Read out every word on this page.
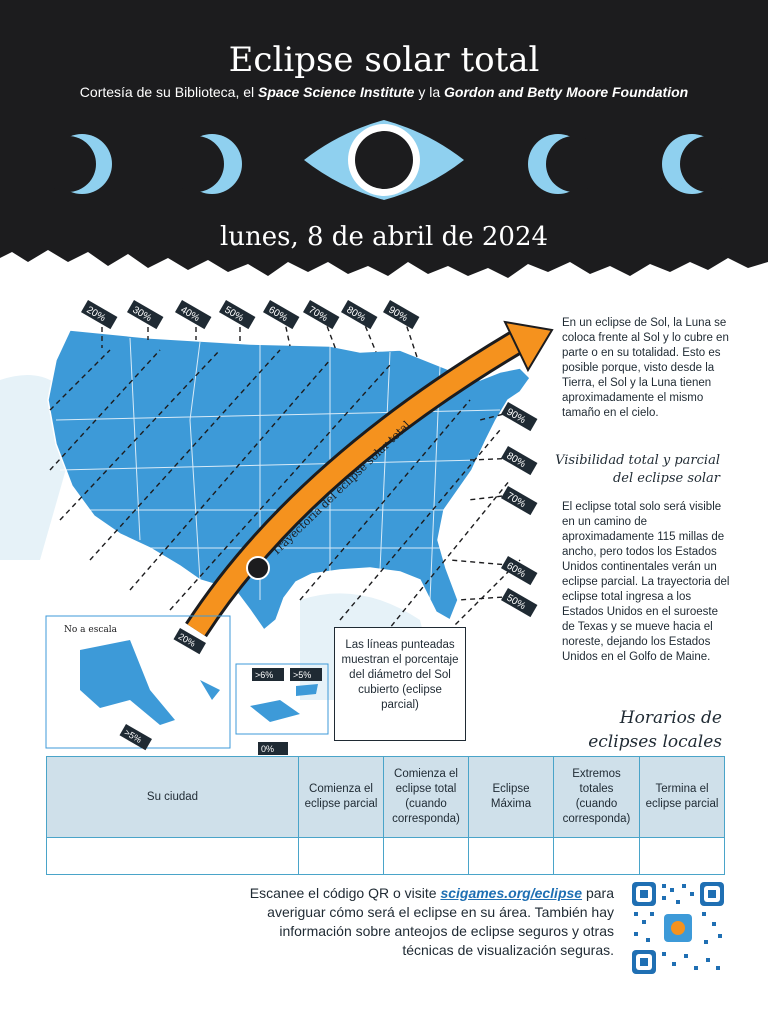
Eclipse solar total
Cortesía de su Biblioteca, el Space Science Institute y la Gordon and Betty Moore Foundation
lunes, 8 de abril de 2024
Trayectoria del eclipse solar total
No a escala
20% 30%	40% 50% 60% 70% 80% 90%
90%
80%
70%
60%
50%
20%
>6% >5%
>5%
0%
Las líneas punteadas muestran el porcentaje del diámetro del Sol cubierto (eclipse parcial)
En un eclipse de Sol, la Luna se coloca frente al Sol y lo cubre en parte o en su totalidad. Esto es posible porque, visto desde la Tierra, el Sol y la Luna tienen aproximadamente el mismo tamaño en el cielo.
Visibilidad total y parcial del eclipse solar
El eclipse total solo será visible en un camino de aproximadamente 115 millas de ancho, pero todos los Estados Unidos continentales verán un eclipse parcial. La trayectoria del eclipse total ingresa a los Estados Unidos en el suroeste de Texas y se mueve hacia el noreste, dejando los Estados Unidos en el Golfo de Maine.
Horarios de eclipses locales
Su ciudad	Comienza el eclipse parcial	Comienza el eclipse total (cuando corresponda)	Eclipse Máxima	Extremos totales (cuando corresponda)	Termina el eclipse parcial

Escanee el código QR o visite scigames.org/eclipse para averiguar cómo será el eclipse en su área. También hay información sobre anteojos de eclipse seguros y otras técnicas de visualización seguras.
